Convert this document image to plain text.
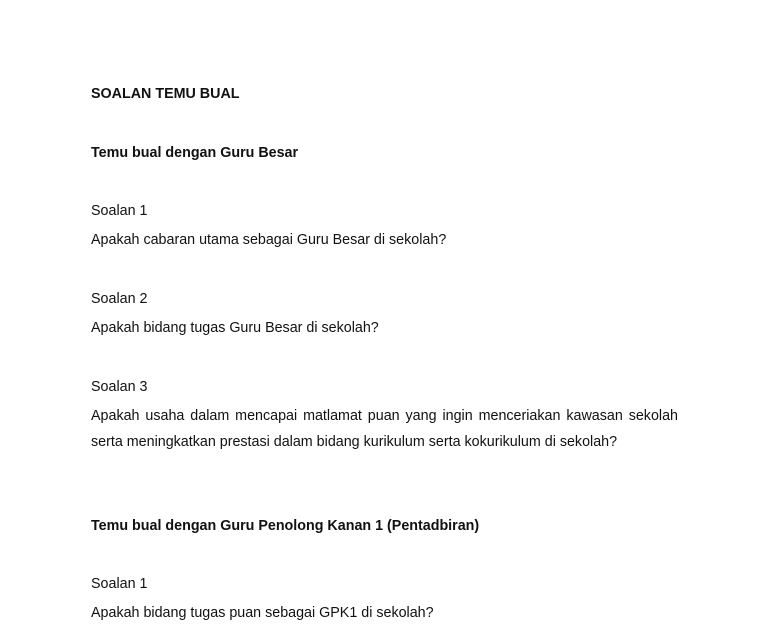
SOALAN TEMU BUAL

Temu bual dengan Guru Besar

Soalan 1

Apakah cabaran utama sebagai Guru Besar di sekolah?

Soalan 2

Apakah bidang tugas Guru Besar di sekolah?

Soalan 3

Apakah usaha dalam mencapai matlamat puan yang ingin menceriakan kawasan sekolah serta meningkatkan prestasi dalam bidang kurikulum serta kokurikulum di sekolah?

Temu bual dengan Guru Penolong Kanan 1 (Pentadbiran)

Soalan 1

Apakah bidang tugas puan sebagai GPK1 di sekolah?
